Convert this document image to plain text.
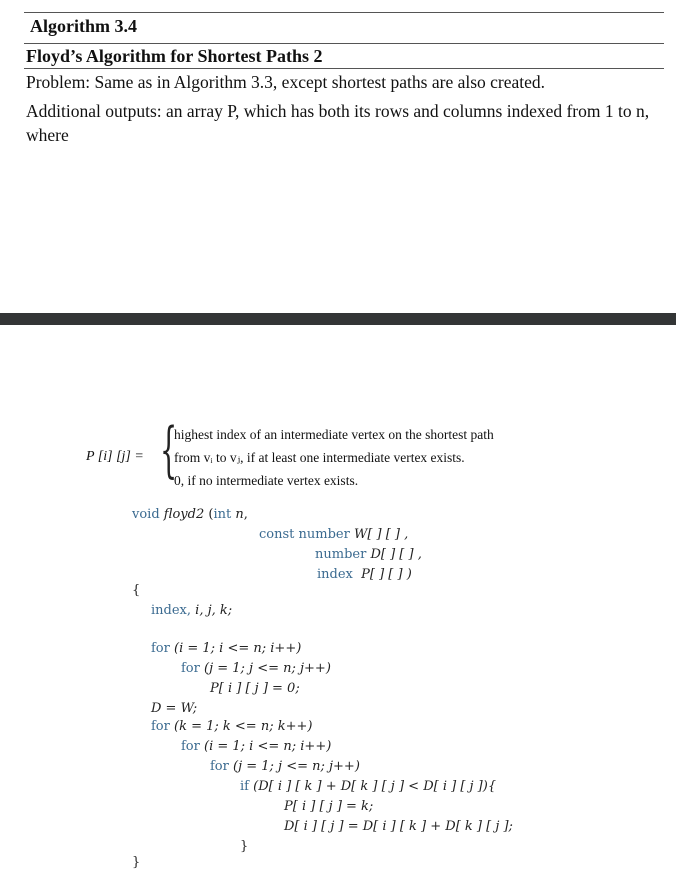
Algorithm 3.4
Floyd’s Algorithm for Shortest Paths 2
Problem: Same as in Algorithm 3.3, except shortest paths are also created.
Additional outputs: an array P, which has both its rows and columns indexed from 1 to n, where
P [i] [j] = {
highest index of an intermediate vertex on the shortest path
from vᵢ to vⱼ, if at least one intermediate vertex exists.
0, if no intermediate vertex exists.
void floyd2 (int n,
const number W[ ] [ ] ,
number D[ ] [ ] ,
index P[ ] [ ] )
{
index, i, j, k;
for (i = 1; i <= n; i++)
for (j = 1; j <= n; j++)
P[ i ] [ j ] = 0;
D = W;
for (k = 1; k <= n; k++)
for (i = 1; i <= n; i++)
for (j = 1; j <= n; j++)
if (D[ i ] [ k ] + D[ k ] [ j ] < D[ i ] [ j ]){
P[ i ] [ j ] = k;
D[ i ] [ j ] = D[ i ] [ k ] + D[ k ] [ j ];
}
}
